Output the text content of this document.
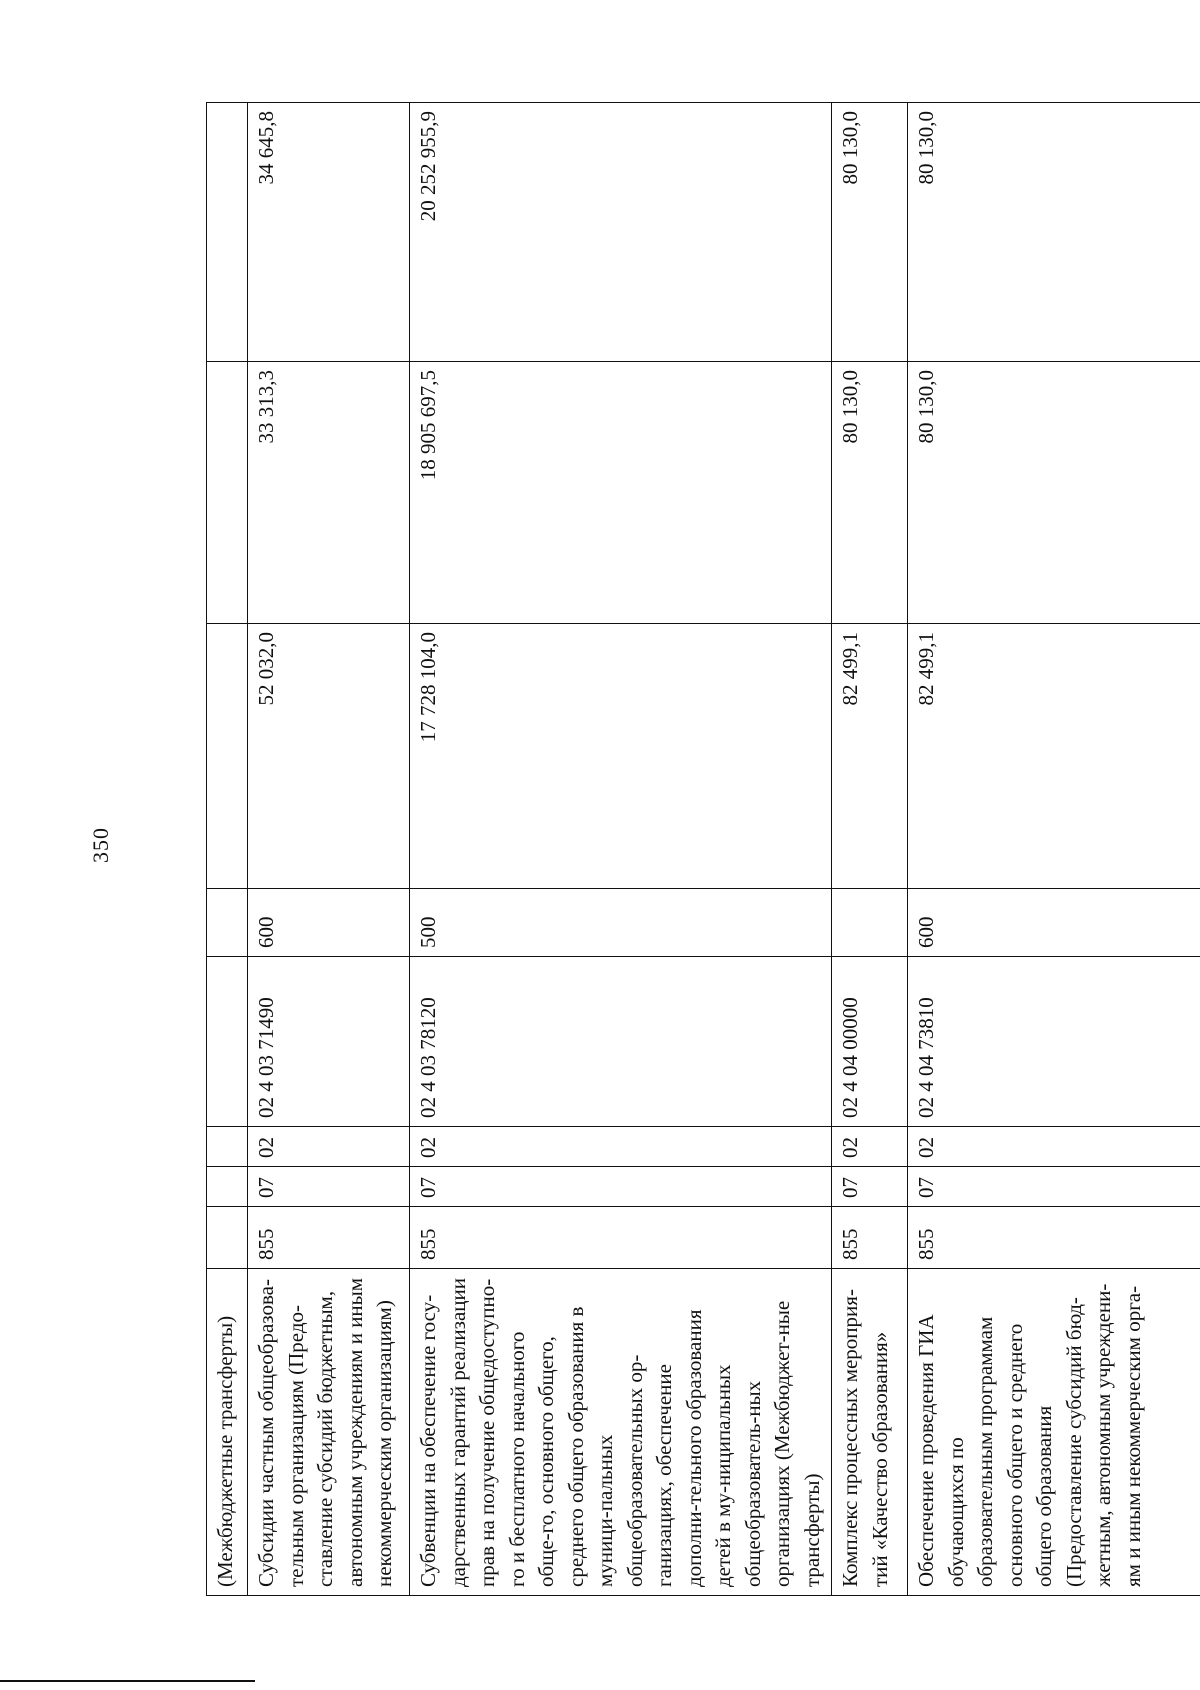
350
(Межбюджетные трансферты)								
Субсидии частным общеобразова-тельным организациям (Предо-ставление субсидий бюджетным, автономным учреждениям и иным некоммерческим организациям)	855	07	02	02 4 03 71490	600	52 032,0	33 313,3	34 645,8
Субвенции на обеспечение госу-дарственных гарантий реализации прав на получение общедоступно-го и бесплатного начального обще-го, основного общего, среднего общего образования в муници-пальных общеобразовательных ор-ганизациях, обеспечение дополни-тельного образования детей в му-ниципальных общеобразователь-ных организациях (Межбюджет-ные трансферты)	855	07	02	02 4 03 78120	500	17 728 104,0	18 905 697,5	20 252 955,9
Комплекс процессных мероприя-тий «Качество образования»	855	07	02	02 4 04 00000		82 499,1	80 130,0	80 130,0
Обеспечение проведения ГИА обучающихся по образовательным программам основного общего и среднего общего образования (Предоставление субсидий бюд-жетным, автономным учреждени-ям и иным некоммерческим орга-	855	07	02	02 4 04 73810	600	82 499,1	80 130,0	80 130,0
